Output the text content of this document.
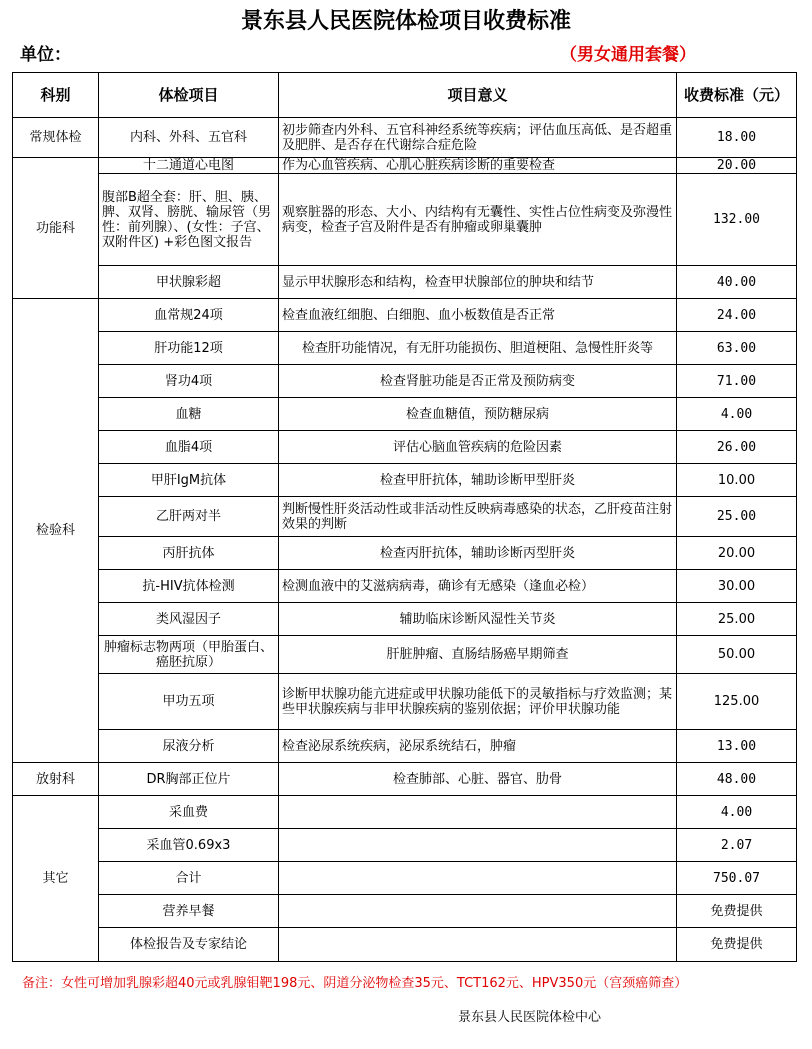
景东县人民医院体检项目收费标准
单位：	（男女通用套餐）
科别	体检项目	项目意义	收费标准（元）
常规体检	内科、外科、五官科	初步筛查内外科、五官科神经系统等疾病；评估血压高低、是否超重及肥胖、是否存在代谢综合症危险	18.00
功能科	十二通道心电图	作为心血管疾病、心肌心脏疾病诊断的重要检查	20.00
	腹部B超全套：肝、胆、胰、脾、双肾、膀胱、输尿管（男性：前列腺）、(女性：子宫、双附件区) +彩色图文报告	观察脏器的形态、大小、内结构有无囊性、实性占位性病变及弥漫性病变，检查子宫及附件是否有肿瘤或卵巢囊肿	132.00
	甲状腺彩超	显示甲状腺形态和结构，检查甲状腺部位的肿块和结节	40.00
检验科	血常规24项	检查血液红细胞、白细胞、血小板数值是否正常	24.00
	肝功能12项	检查肝功能情况，有无肝功能损伤、胆道梗阻、急慢性肝炎等	63.00
	肾功4项	检查肾脏功能是否正常及预防病变	71.00
	血糖	检查血糖值，预防糖尿病	4.00
	血脂4项	评估心脑血管疾病的危险因素	26.00
	甲肝IgM抗体	检查甲肝抗体，辅助诊断甲型肝炎	10.00
	乙肝两对半	判断慢性肝炎活动性或非活动性反映病毒感染的状态，乙肝疫苗注射效果的判断	25.00
	丙肝抗体	检查丙肝抗体，辅助诊断丙型肝炎	20.00
	抗-HIV抗体检测	检测血液中的艾滋病病毒，确诊有无感染（逢血必检）	30.00
	类风湿因子	辅助临床诊断风湿性关节炎	25.00
	肿瘤标志物两项（甲胎蛋白、癌胚抗原）	肝脏肿瘤、直肠结肠癌早期筛查	50.00
	甲功五项	诊断甲状腺功能亢进症或甲状腺功能低下的灵敏指标与疗效监测；某些甲状腺疾病与非甲状腺疾病的鉴别依据；评价甲状腺功能	125.00
	尿液分析	检查泌尿系统疾病，泌尿系统结石，肿瘤	13.00
放射科	DR胸部正位片	检查肺部、心脏、器官、肋骨	48.00
其它	采血费		4.00
	采血管0.69x3		2.07
	合计		750.07
	营养早餐		免费提供
	体检报告及专家结论		免费提供
备注：女性可增加乳腺彩超40元或乳腺钼靶198元、阴道分泌物检查35元、TCT162元、HPV350元（宫颈癌筛查）
景东县人民医院体检中心
